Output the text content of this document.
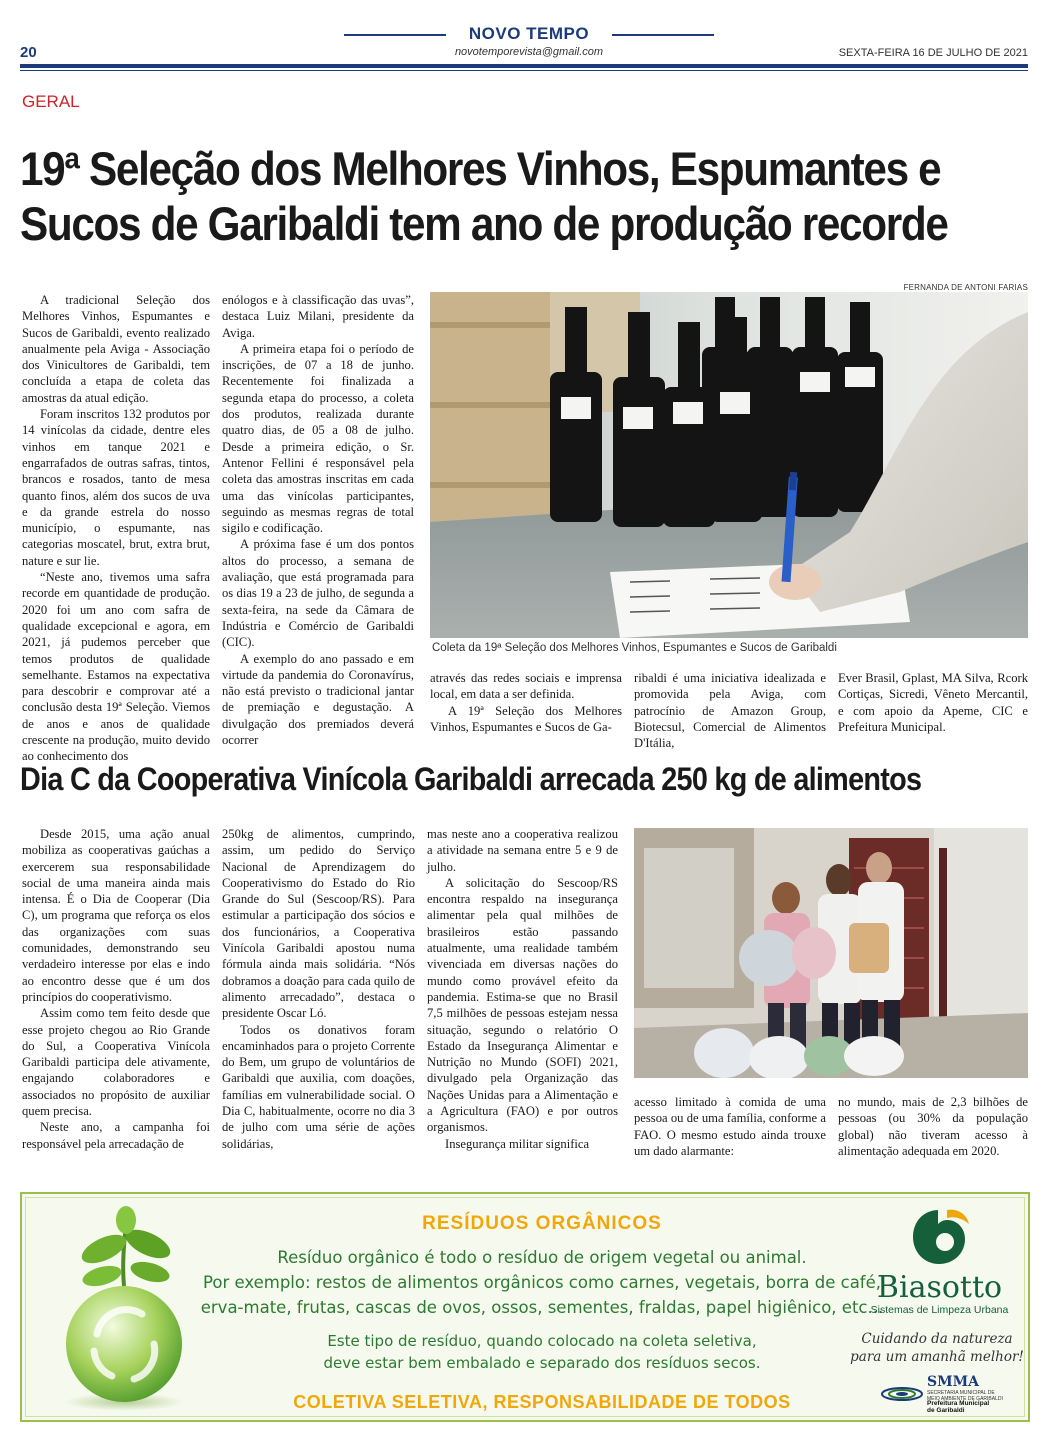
20
NOVO TEMPO
novotemporevista@gmail.com	SEXTA-FEIRA 16 DE JULHO DE 2021
GERAL
19ª Seleção dos Melhores Vinhos, Espumantes e
Sucos de Garibaldi tem ano de produção recorde

A tradicional Seleção dos Melhores Vinhos, Espumantes e Sucos de Garibaldi, evento realizado anualmente pela Aviga - Associação dos Vinicultores de Garibaldi, tem concluída a etapa de coleta das amostras da atual edição.

Foram inscritos 132 produtos por 14 vinícolas da cidade, dentre eles vinhos em tanque 2021 e engarrafados de outras safras, tintos, brancos e rosados, tanto de mesa quanto finos, além dos sucos de uva e da grande estrela do nosso município, o espumante, nas categorias moscatel, brut, extra brut, nature e sur lie.

“Neste ano, tivemos uma safra recorde em quantidade de produção. 2020 foi um ano com safra de qualidade excepcional e agora, em 2021, já pudemos perceber que temos produtos de qualidade semelhante. Estamos na expectativa para descobrir e comprovar até a conclusão desta 19ª Seleção. Viemos de anos e anos de qualidade crescente na produção, muito devido ao conhecimento dos

enólogos e à classificação das uvas”, destaca Luiz Milani, presidente da Aviga.

A primeira etapa foi o período de inscrições, de 07 a 18 de junho. Recentemente foi finalizada a segunda etapa do processo, a coleta dos produtos, realizada durante quatro dias, de 05 a 08 de julho. Desde a primeira edição, o Sr. Antenor Fellini é responsável pela coleta das amostras inscritas em cada uma das vinícolas participantes, seguindo as mesmas regras de total sigilo e codificação.

A próxima fase é um dos pontos altos do processo, a semana de avaliação, que está programada para os dias 19 a 23 de julho, de segunda a sexta-feira, na sede da Câmara de Indústria e Comércio de Garibaldi (CIC).

A exemplo do ano passado e em virtude da pandemia do Coronavírus, não está previsto o tradicional jantar de premiação e degustação. A divulgação dos premiados deverá ocorrer

FERNANDA DE ANTONI FARIAS
Coleta da 19ª Seleção dos Melhores Vinhos, Espumantes e Sucos de Garibaldi

através das redes sociais e imprensa local, em data a ser definida.

A 19ª Seleção dos Melhores Vinhos, Espumantes e Sucos de Ga-

ribaldi é uma iniciativa idealizada e promovida pela Aviga, com patrocínio de Amazon Group, Biotecsul, Comercial de Alimentos D'Itália,

Ever Brasil, Gplast, MA Silva, Rcork Cortiças, Sicredi, Vêneto Mercantil, e com apoio da Apeme, CIC e Prefeitura Municipal.

Dia C da Cooperativa Vinícola Garibaldi arrecada 250 kg de alimentos

Desde 2015, uma ação anual mobiliza as cooperativas gaúchas a exercerem sua responsabilidade social de uma maneira ainda mais intensa. É o Dia de Cooperar (Dia C), um programa que reforça os elos das organizações com suas comunidades, demonstrando seu verdadeiro interesse por elas e indo ao encontro desse que é um dos princípios do cooperativismo.

Assim como tem feito desde que esse projeto chegou ao Rio Grande do Sul, a Cooperativa Vinícola Garibaldi participa dele ativamente, engajando colaboradores e associados no propósito de auxiliar quem precisa.

Neste ano, a campanha foi responsável pela arrecadação de

250kg de alimentos, cumprindo, assim, um pedido do Serviço Nacional de Aprendizagem do Cooperativismo do Estado do Rio Grande do Sul (Sescoop/RS). Para estimular a participação dos sócios e dos funcionários, a Cooperativa Vinícola Garibaldi apostou numa fórmula ainda mais solidária. “Nós dobramos a doação para cada quilo de alimento arrecadado”, destaca o presidente Oscar Ló.

Todos os donativos foram encaminhados para o projeto Corrente do Bem, um grupo de voluntários de Garibaldi que auxilia, com doações, famílias em vulnerabilidade social. O Dia C, habitualmente, ocorre no dia 3 de julho com uma série de ações solidárias,

mas neste ano a cooperativa realizou a atividade na semana entre 5 e 9 de julho.

A solicitação do Sescoop/RS encontra respaldo na insegurança alimentar pela qual milhões de brasileiros estão passando atualmente, uma realidade também vivenciada em diversas nações do mundo como provável efeito da pandemia. Estima-se que no Brasil 7,5 milhões de pessoas estejam nessa situação, segundo o relatório O Estado da Insegurança Alimentar e Nutrição no Mundo (SOFI) 2021, divulgado pela Organização das Nações Unidas para a Alimentação e a Agricultura (FAO) e por outros organismos.

Insegurança militar significa

acesso limitado à comida de uma pessoa ou de uma família, conforme a FAO. O mesmo estudo ainda trouxe um dado alarmante:

no mundo, mais de 2,3 bilhões de pessoas (ou 30% da população global) não tiveram acesso à alimentação adequada em 2020.

RESÍDUOS ORGÂNICOS
Resíduo orgânico é todo o resíduo de origem vegetal ou animal.
Por exemplo: restos de alimentos orgânicos como carnes, vegetais, borra de café,
erva-mate, frutas, cascas de ovos, ossos, sementes, fraldas, papel higiênico, etc...
Este tipo de resíduo, quando colocado na coleta seletiva,
deve estar bem embalado e separado dos resíduos secos.
COLETIVA SELETIVA, RESPONSABILIDADE DE TODOS
Biasotto
Sistemas de Limpeza Urbana
Cuidando da natureza
para um amanhã melhor!
SMMA
SECRETARIA MUNICIPAL DE MEIO AMBIENTE DE GARIBALDI
Prefeitura Municipal
de Garibaldi
